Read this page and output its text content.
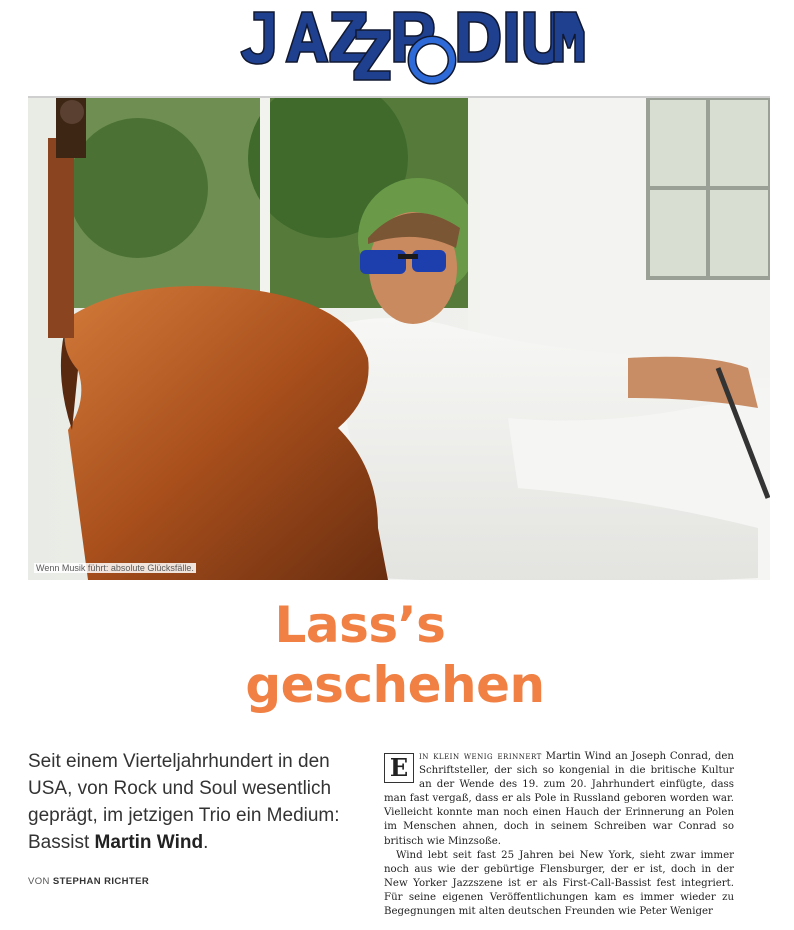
JAZZPODIUM
Wenn Musik führt: absolute Glücksfälle.
Lass’s
geschehen
Seit einem Vierteljahrhundert in den USA, von Rock und Soul wesentlich geprägt, im jetzigen Trio ein Medium: Bassist Martin Wind.
VON STEPHAN RICHTER

E	in klein wenig erinnert Martin Wind an Joseph Conrad, den Schriftsteller, der sich so kongenial in die britische Kultur an der Wende des 19. zum 20. Jahrhundert einfügte, dass man fast vergaß, dass er als Pole in Russland geboren worden war. Vielleicht konnte man noch einen Hauch der Erinnerung an Polen im Menschen ahnen, doch in seinem Schreiben war Conrad so britisch wie Minzsoße.

Wind lebt seit fast 25 Jahren bei New York, sieht zwar immer noch aus wie der gebürtige Flensburger, der er ist, doch in der New Yorker Jazzszene ist er als First-Call-Bassist fest integriert. Für seine eigenen Veröffentlichungen kam es immer wieder zu Begegnungen mit alten deutschen Freunden wie Peter Weniger
